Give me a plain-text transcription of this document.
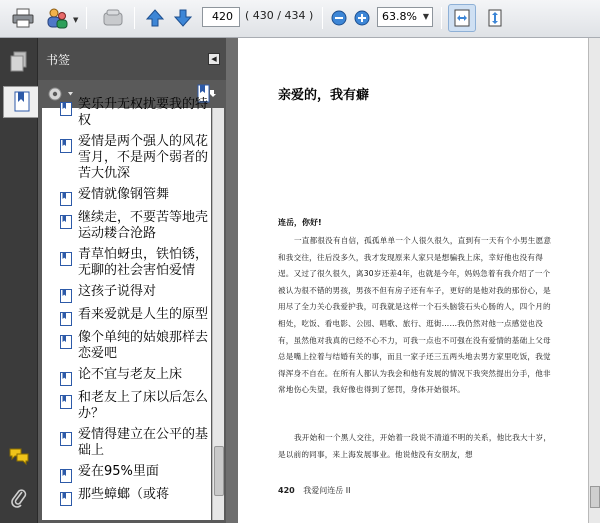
▼	420	( 430 / 434 )	63.8% ▼
书签	◀
笑乐升无权扰要我的特权
爱情是两个强人的风花雪月，不是两个弱者的苦大仇深
爱情就像钢管舞
继续走，不要苦等地壳运动耧合沧路
青草怕蚜虫，铁怕锈，无聊的社会害怕爱情
这孩子说得对
看来爱就是人生的原型
像个单纯的姑娘那样去恋爱吧
论不宜与老友上床
和老友上了床以后怎么办？
爱情得建立在公平的基础上
爱在95%里面
那些蟑螂（或蒋
亲爱的，我有癖
连岳，你好!
一直都很没有自信，孤孤单单一个人很久很久，直到有一天有个小男生愿意和我交往，往后没多久，我才发现原来人家只是想骗我上床，幸好他也没有得逞。又过了很久很久，离30岁还差4年，也就是今年，妈妈急着有我介绍了一个被认为很不错的男孩，男孩不但有房子还有车子，更好的是他对我的那份心，是用尽了全力关心我爱护我，可我就是这样一个石头脑袋石头心肠的人，四个月的相处，吃饭、看电影、公园、唱歌、旅行、逛街……我仍然对他一点感觉也没有，虽然他对我真的已经不心不力，可我一点也不可强在没有爱情的基础上父母总是嘴上拉着与结婚有关的事，而且一家子还三五两头地去男方家里吃饭，我觉得浑身不自在。在所有人都认为我会和他有发展的情况下我突然提出分手，他非常地伤心失望，我好像也得到了惩罚，身体开始很坏。
我开始和一个黑人交往，开始着一段说不清道不明的关系，他比我大十岁，是以前的同事，来上海发展事业。他说他没有女朋友，想
420 我爱问连岳 II
